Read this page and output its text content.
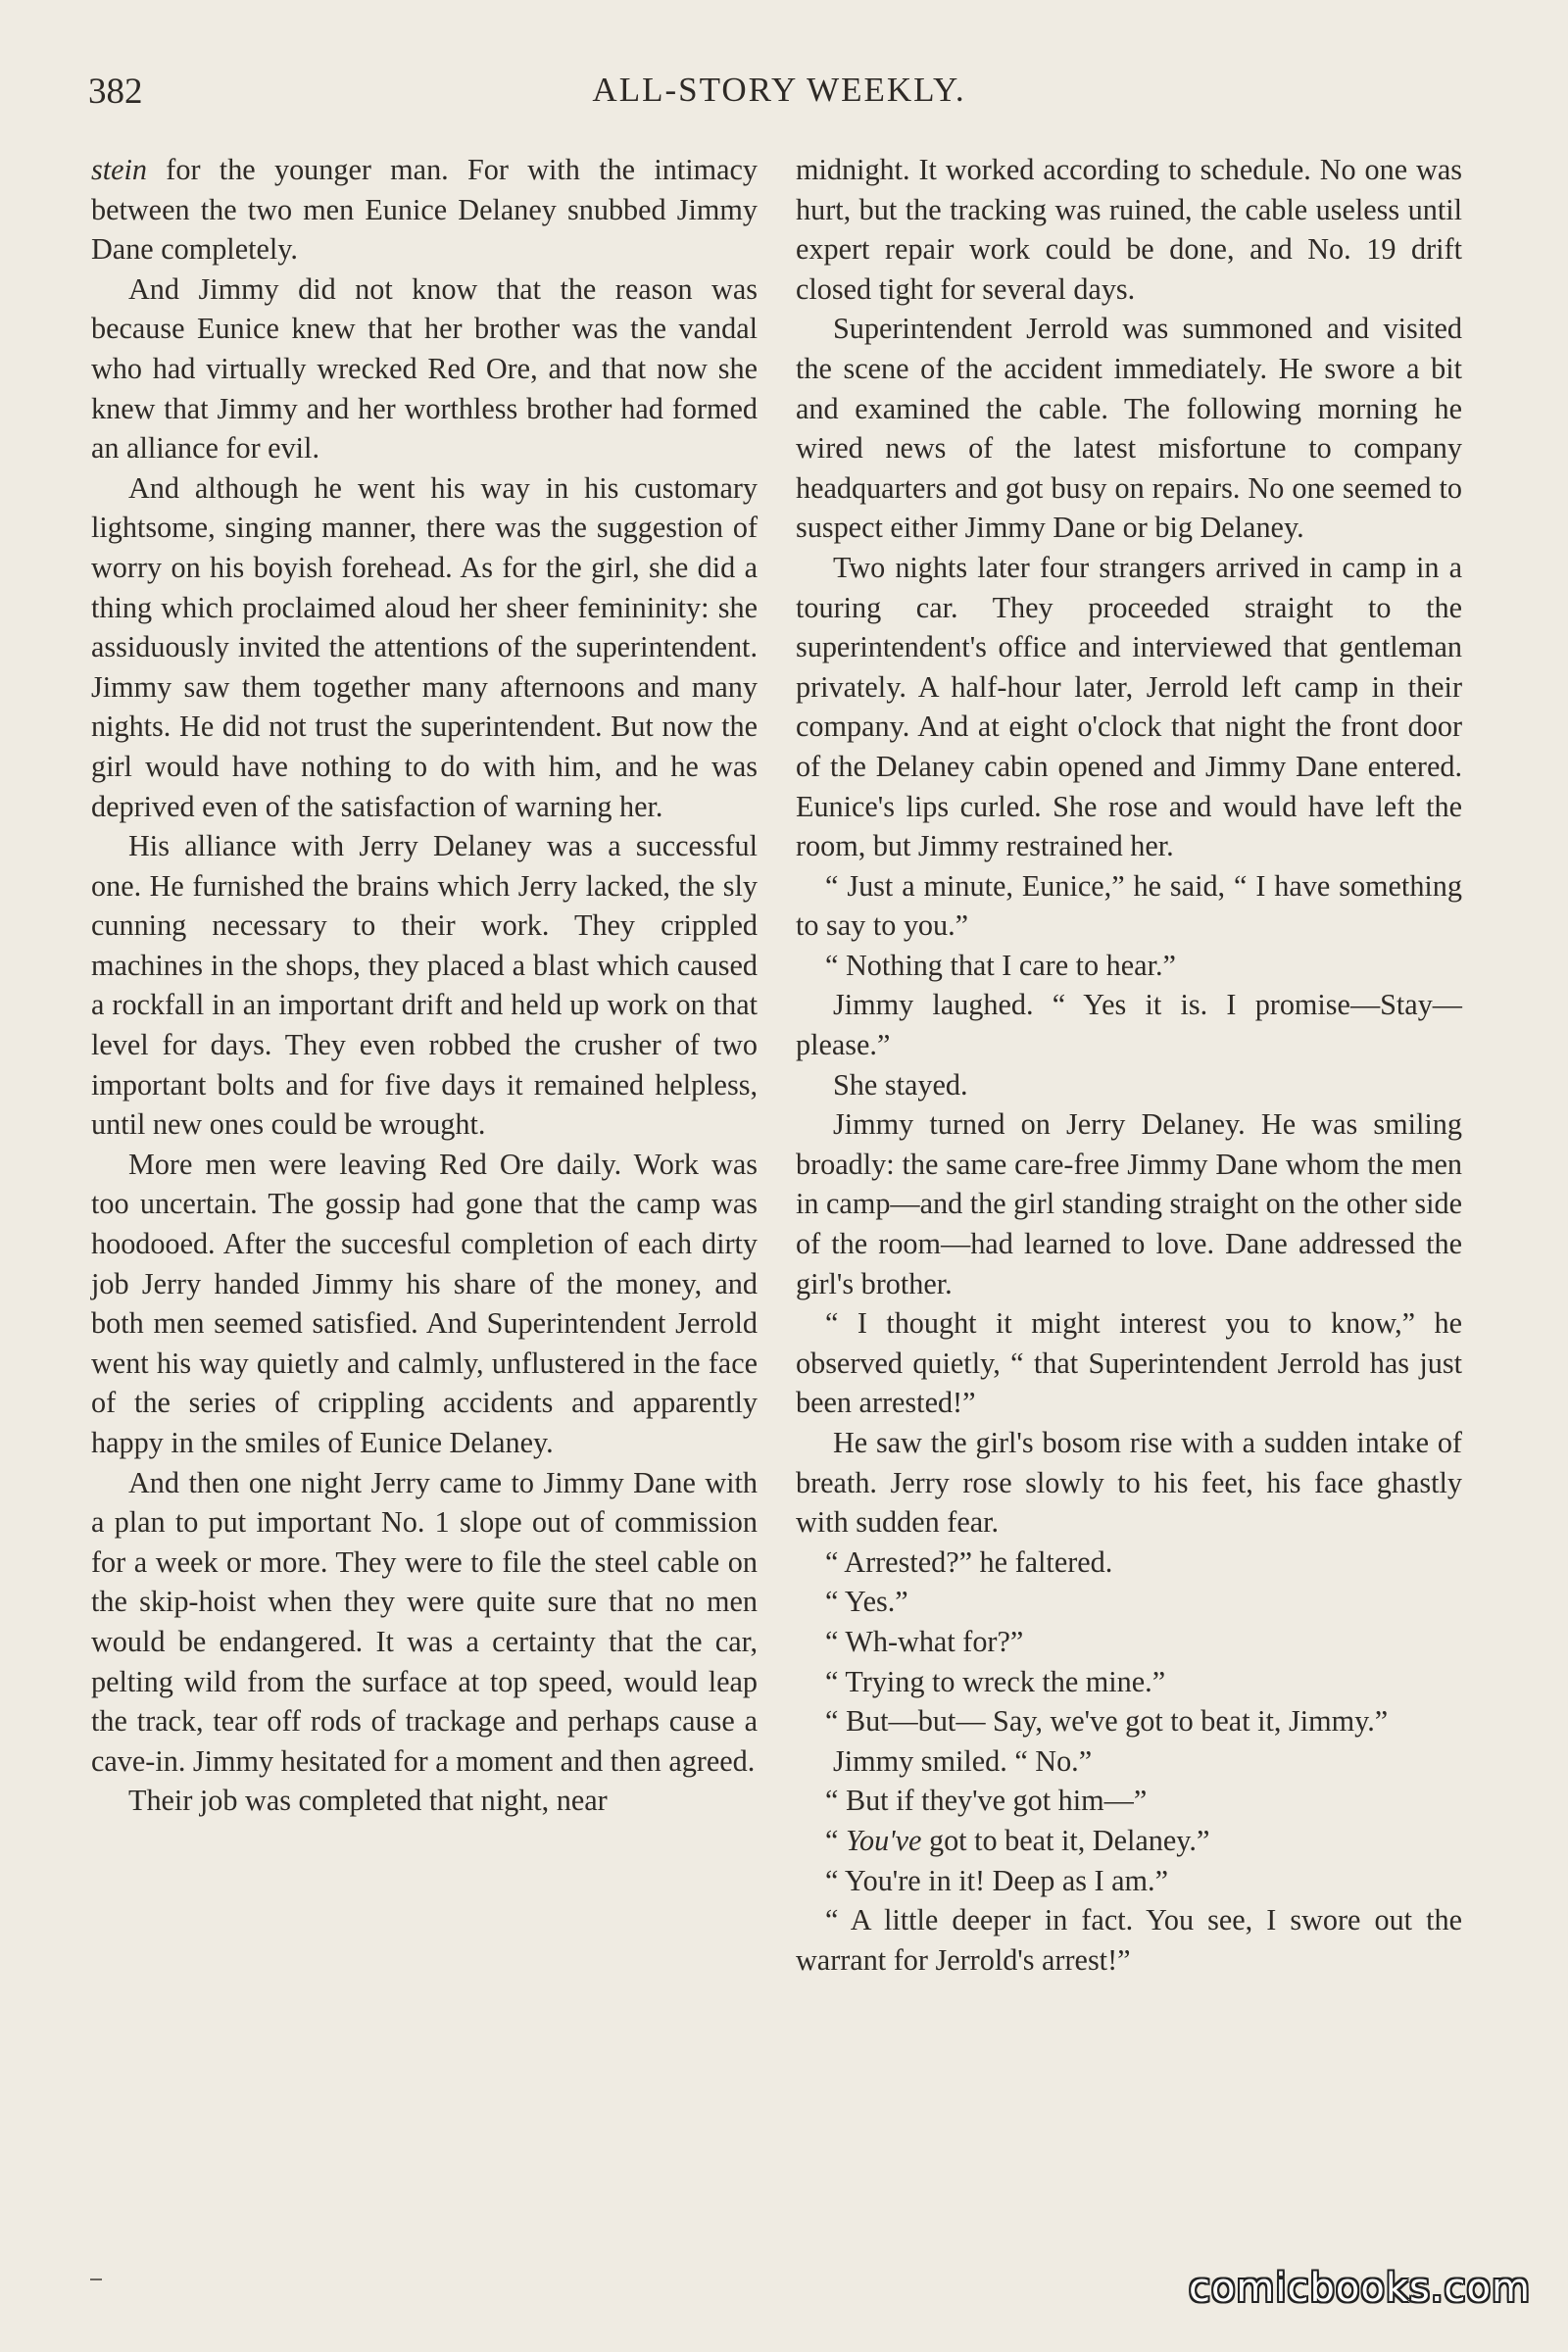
382	ALL-STORY WEEKLY.

stein for the younger man. For with the intimacy between the two men Eunice Delaney snubbed Jimmy Dane completely.

And Jimmy did not know that the reason was because Eunice knew that her brother was the vandal who had virtually wrecked Red Ore, and that now she knew that Jimmy and her worthless brother had formed an alliance for evil.

And although he went his way in his customary lightsome, singing manner, there was the suggestion of worry on his boyish forehead. As for the girl, she did a thing which proclaimed aloud her sheer femininity: she assiduously invited the attentions of the superintendent. Jimmy saw them together many afternoons and many nights. He did not trust the superintendent. But now the girl would have nothing to do with him, and he was deprived even of the satisfaction of warning her.

His alliance with Jerry Delaney was a successful one. He furnished the brains which Jerry lacked, the sly cunning necessary to their work. They crippled machines in the shops, they placed a blast which caused a rockfall in an important drift and held up work on that level for days. They even robbed the crusher of two important bolts and for five days it remained helpless, until new ones could be wrought.

More men were leaving Red Ore daily. Work was too uncertain. The gossip had gone that the camp was hoodooed. After the succesful completion of each dirty job Jerry handed Jimmy his share of the money, and both men seemed satisfied. And Superintendent Jerrold went his way quietly and calmly, unflustered in the face of the series of crippling accidents and apparently happy in the smiles of Eunice Delaney.

And then one night Jerry came to Jimmy Dane with a plan to put important No. 1 slope out of commission for a week or more. They were to file the steel cable on the skip-hoist when they were quite sure that no men would be endangered. It was a certainty that the car, pelting wild from the surface at top speed, would leap the track, tear off rods of trackage and perhaps cause a cave-in. Jimmy hesitated for a moment and then agreed.

Their job was completed that night, near

midnight. It worked according to schedule. No one was hurt, but the tracking was ruined, the cable useless until expert repair work could be done, and No. 19 drift closed tight for several days.

Superintendent Jerrold was summoned and visited the scene of the accident immediately. He swore a bit and examined the cable. The following morning he wired news of the latest misfortune to company headquarters and got busy on repairs. No one seemed to suspect either Jimmy Dane or big Delaney.

Two nights later four strangers arrived in camp in a touring car. They proceeded straight to the superintendent's office and interviewed that gentleman privately. A half-hour later, Jerrold left camp in their company. And at eight o'clock that night the front door of the Delaney cabin opened and Jimmy Dane entered. Eunice's lips curled. She rose and would have left the room, but Jimmy restrained her.

“ Just a minute, Eunice,” he said, “ I have something to say to you.”

“ Nothing that I care to hear.”

Jimmy laughed. “ Yes it is. I promise—Stay—please.”

She stayed.

Jimmy turned on Jerry Delaney. He was smiling broadly: the same care-free Jimmy Dane whom the men in camp—and the girl standing straight on the other side of the room—had learned to love. Dane addressed the girl's brother.

“ I thought it might interest you to know,” he observed quietly, “ that Superintendent Jerrold has just been arrested!”

He saw the girl's bosom rise with a sudden intake of breath. Jerry rose slowly to his feet, his face ghastly with sudden fear.

“ Arrested?” he faltered.

“ Yes.”

“ Wh-what for?”

“ Trying to wreck the mine.”

“ But—but— Say, we've got to beat it, Jimmy.”

Jimmy smiled. “ No.”

“ But if they've got him—”

“ You've got to beat it, Delaney.”

“ You're in it! Deep as I am.”

“ A little deeper in fact. You see, I swore out the warrant for Jerrold's arrest!”

comicbooks.com
